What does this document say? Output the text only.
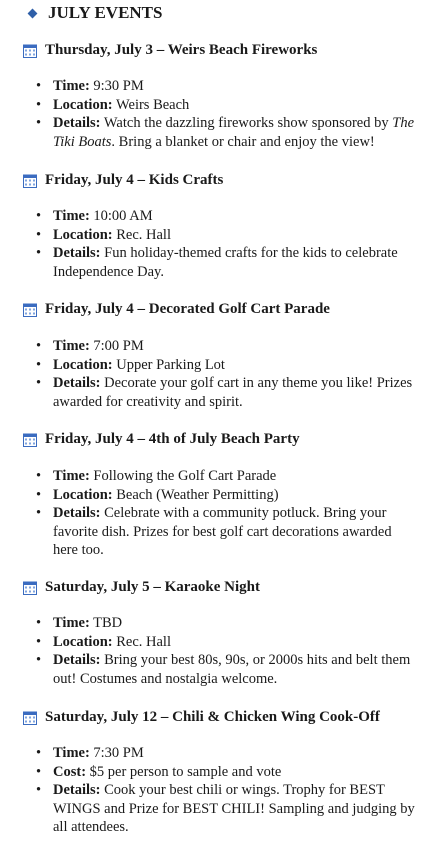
JULY EVENTS
Thursday, July 3 – Weirs Beach Fireworks
• Time: 9:30 PM
• Location: Weirs Beach
• Details: Watch the dazzling fireworks show sponsored by The
Tiki Boats. Bring a blanket or chair and enjoy the view!
Friday, July 4 – Kids Crafts
• Time: 10:00 AM
• Location: Rec. Hall
• Details: Fun holiday-themed crafts for the kids to celebrate
Independence Day.
Friday, July 4 – Decorated Golf Cart Parade
• Time: 7:00 PM
• Location: Upper Parking Lot
• Details: Decorate your golf cart in any theme you like! Prizes
awarded for creativity and spirit.
Friday, July 4 – 4th of July Beach Party
• Time: Following the Golf Cart Parade
• Location: Beach (Weather Permitting)
• Details: Celebrate with a community potluck. Bring your
favorite dish. Prizes for best golf cart decorations awarded
here too.
Saturday, July 5 – Karaoke Night
• Time: TBD
• Location: Rec. Hall
• Details: Bring your best 80s, 90s, or 2000s hits and belt them
out! Costumes and nostalgia welcome.
Saturday, July 12 – Chili & Chicken Wing Cook-Off
• Time: 7:30 PM
• Cost: $5 per person to sample and vote
• Details: Cook your best chili or wings. Trophy for BEST
WINGS and Prize for BEST CHILI! Sampling and judging by
all attendees.
